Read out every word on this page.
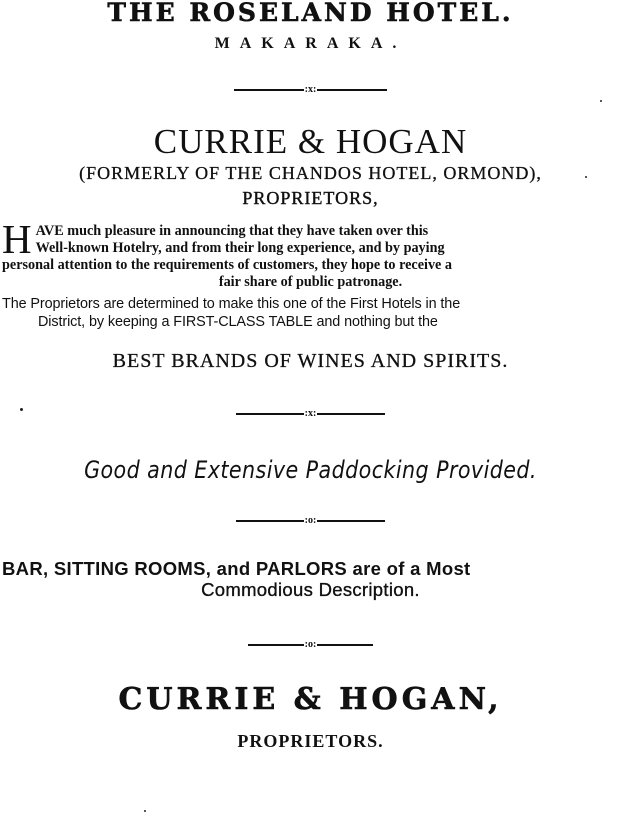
THE ROSELAND HOTEL.
MAKARAKA.
:x:
CURRIE & HOGAN
(FORMERLY OF THE CHANDOS HOTEL, ORMOND),
PROPRIETORS,
H AVE much pleasure in announcing that they have taken over this
Well-known Hotelry, and from their long experience, and by paying
personal attention to the requirements of customers, they hope to receive a
fair share of public patronage.
The Proprietors are determined to make this one of the First Hotels in the
District, by keeping a FIRST-CLASS TABLE and nothing but the
BEST BRANDS OF WINES AND SPIRITS.
:x:
Good and Extensive Paddocking Provided.
:o:
BAR, SITTING ROOMS, and PARLORS are of a Most
Commodious Description.
:o:
CURRIE & HOGAN,
PROPRIETORS.
